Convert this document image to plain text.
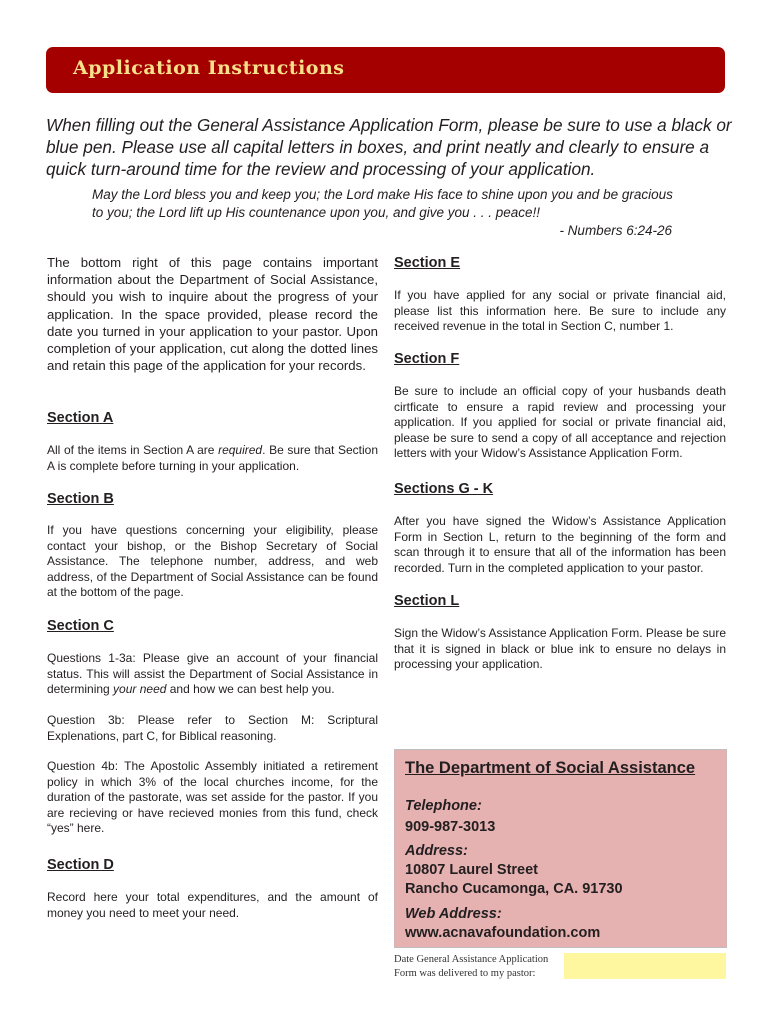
Application Instructions
When filling out the General Assistance Application Form, please be sure to use a black or blue pen. Please use all capital letters in boxes, and print neatly and clearly to ensure a quick turn-around time for the review and processing of your application.
May the Lord bless you and keep you; the Lord make His face to shine upon you and be gracious to you; the Lord lift up His countenance upon you, and give you . . . peace!!
- Numbers 6:24-26
The bottom right of this page contains important information about the Department of Social Assistance, should you wish to inquire about the progress of your application. In the space provided, please record the date you turned in your application to your pastor. Upon completion of your application, cut along the dotted lines and retain this page of the application for your records.
Section A
All of the items in Section A are required. Be sure that Section A is complete before turning in your application.
Section B
If you have questions concerning your eligibility, please contact your bishop, or the Bishop Secretary of Social Assistance. The telephone number, address, and web address, of the Department of Social Assistance can be found at the bottom of the page.
Section C
Questions 1-3a: Please give an account of your financial status. This will assist the Department of Social Assistance in determining your need and how we can best help you.
Question 3b: Please refer to Section M: Scriptural Explenations, part C, for Biblical reasoning.
Question 4b: The Apostolic Assembly initiated a retirement policy in which 3% of the local churches income, for the duration of the pastorate, was set asside for the pastor. If you are recieving or have recieved monies from this fund, check “yes” here.
Section D
Record here your total expenditures, and the amount of money you need to meet your need.
Section E
If you have applied for any social or private financial aid, please list this information here. Be sure to include any received revenue in the total in Section C, number 1.
Section F
Be sure to include an official copy of your husbands death cirtficate to ensure a rapid review and processing your application. If you applied for social or private financial aid, please be sure to send a copy of all acceptance and rejection letters with your Widow’s Assistance Application Form.
Sections G - K
After you have signed the Widow’s Assistance Application Form in Section L, return to the beginning of the form and scan through it to ensure that all of the information has been recorded. Turn in the completed application to your pastor.
Section L
Sign the Widow’s Assistance Application Form. Please be sure that it is signed in black or blue ink to ensure no delays in processing your application.
The Department of Social Assistance
Telephone:
909-987-3013
Address:
10807 Laurel Street
Rancho Cucamonga, CA. 91730
Web Address:
www.acnavafoundation.com
Date General Assistance Application
Form was delivered to my pastor:
